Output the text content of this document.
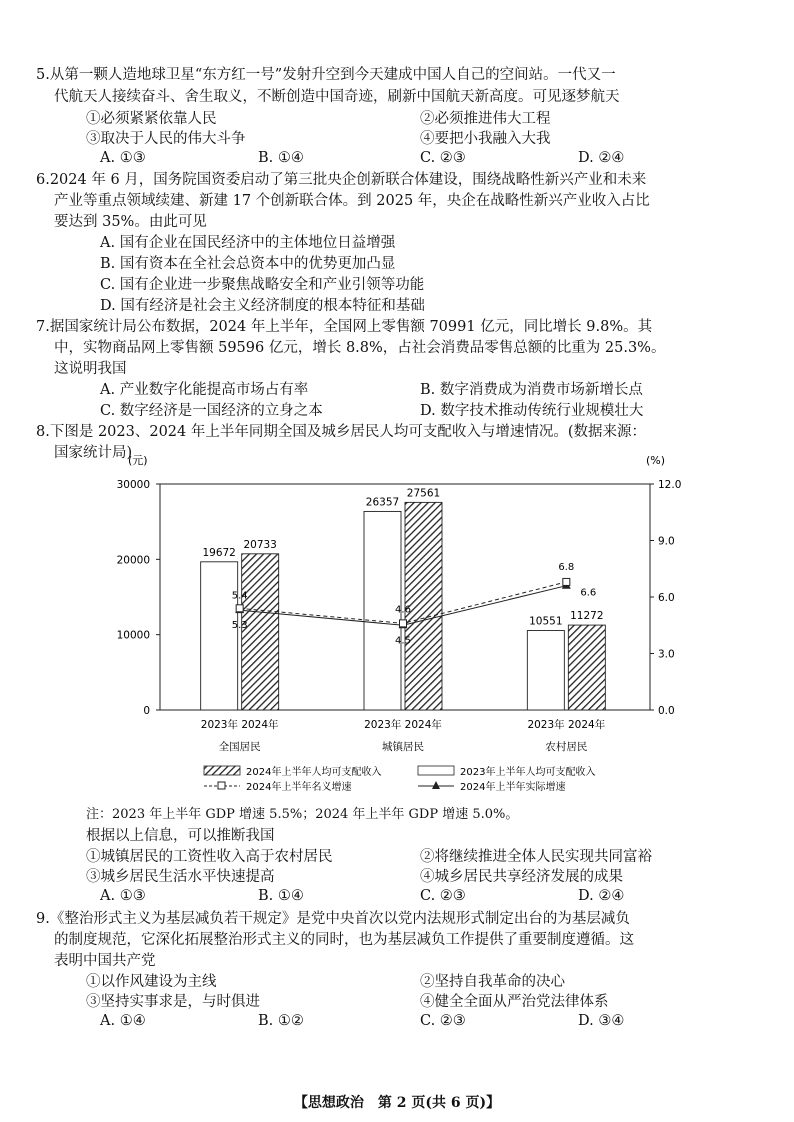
5.从第一颗人造地球卫星“东方红一号”发射升空到今天建成中国人自己的空间站。一代又一
代航天人接续奋斗、舍生取义，不断创造中国奇迹，刷新中国航天新高度。可见逐梦航天
①必须紧紧依靠人民	②必须推进伟大工程
③取决于人民的伟大斗争	④要把小我融入大我
A. ①③	B. ①④	C. ②③	D. ②④
6.2024 年 6 月，国务院国资委启动了第三批央企创新联合体建设，围绕战略性新兴产业和未来
产业等重点领域续建、新建 17 个创新联合体。到 2025 年，央企在战略性新兴产业收入占比
要达到 35%。由此可见
A. 国有企业在国民经济中的主体地位日益增强
B. 国有资本在全社会总资本中的优势更加凸显
C. 国有企业进一步聚焦战略安全和产业引领等功能
D. 国有经济是社会主义经济制度的根本特征和基础
7.据国家统计局公布数据，2024 年上半年，全国网上零售额 70991 亿元，同比增长 9.8%。其
中，实物商品网上零售额 59596 亿元，增长 8.8%，占社会消费品零售总额的比重为 25.3%。
这说明我国
A. 产业数字化能提高市场占有率	B. 数字消费成为消费市场新增长点
C. 数字经济是一国经济的立身之本	D. 数字技术推动传统行业规模壮大
8.下图是 2023、2024 年上半年同期全国及城乡居民人均可支配收入与增速情况。(数据来源：
国家统计局)
(元)	(%)
0
10000
20000
30000
0.0
3.0
6.0
9.0
12.0
19672
20733
2023年 2024年
全国居民
26357
27561
2023年 2024年
城镇居民
10551 11272
2023年 2024年
农村居民
5.4
4.6
6.8
5.3
4.5
6.6
2024年上半年人均可支配收入	2023年上半年人均可支配收入
2024年上半年名义增速	2024年上半年实际增速
注：2023 年上半年 GDP 增速 5.5%；2024 年上半年 GDP 增速 5.0%。
根据以上信息，可以推断我国
①城镇居民的工资性收入高于农村居民	②将继续推进全体人民实现共同富裕
③城乡居民生活水平快速提高	④城乡居民共享经济发展的成果
A. ①③	B. ①④	C. ②③	D. ②④
9.《整治形式主义为基层减负若干规定》是党中央首次以党内法规形式制定出台的为基层减负
的制度规范，它深化拓展整治形式主义的同时，也为基层减负工作提供了重要制度遵循。这
表明中国共产党
①以作风建设为主线	②坚持自我革命的决心
③坚持实事求是，与时俱进	④健全全面从严治党法律体系
A. ①④	B. ①②	C. ②③	D. ③④
【思想政治　第 2 页(共 6 页)】
